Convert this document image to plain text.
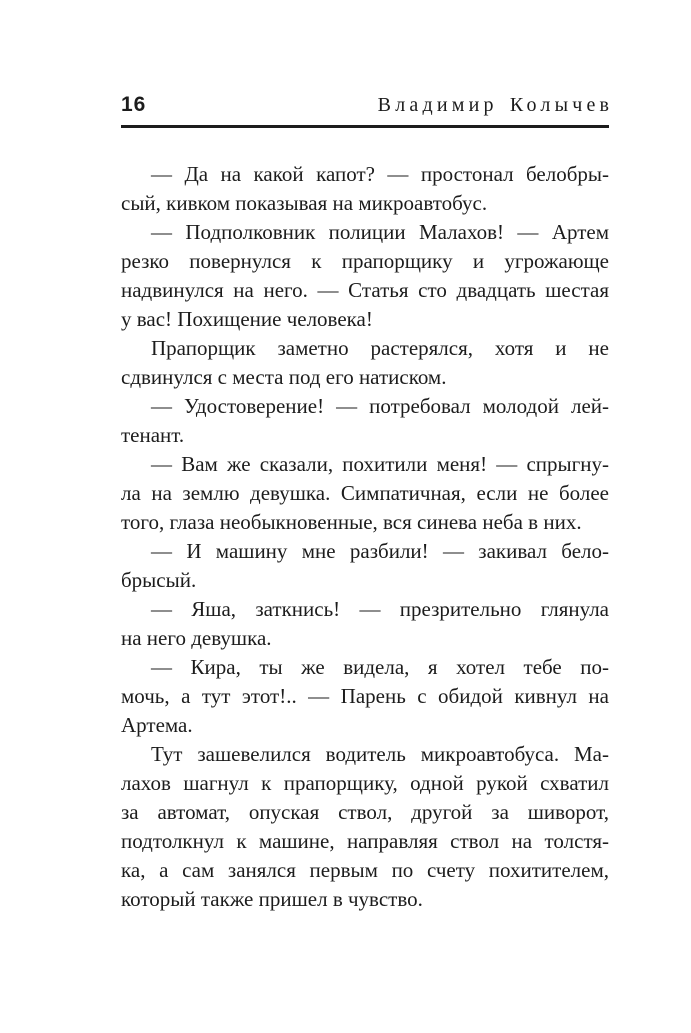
16	Владимир Колычев
— Да на какой капот? — простонал белобры-
сый, кивком показывая на микроавтобус.
— Подполковник полиции Малахов! — Артем
резко повернулся к прапорщику и угрожающе
надвинулся на него. — Статья сто двадцать шестая
у вас! Похищение человека!
Прапорщик заметно растерялся, хотя и не
сдвинулся с места под его натиском.
— Удостоверение! — потребовал молодой лей-
тенант.
— Вам же сказали, похитили меня! — спрыгну-
ла на землю девушка. Симпатичная, если не более
того, глаза необыкновенные, вся синева неба в них.
— И машину мне разбили! — закивал бело-
брысый.
— Яша, заткнись! — презрительно глянула
на него девушка.
— Кира, ты же видела, я хотел тебе по-
мочь, а тут этот!.. — Парень с обидой кивнул на
Артема.
Тут зашевелился водитель микроавтобуса. Ма-
лахов шагнул к прапорщику, одной рукой схватил
за автомат, опуская ствол, другой за шиворот,
подтолкнул к машине, направляя ствол на толстя-
ка, а сам занялся первым по счету похитителем,
который также пришел в чувство.
